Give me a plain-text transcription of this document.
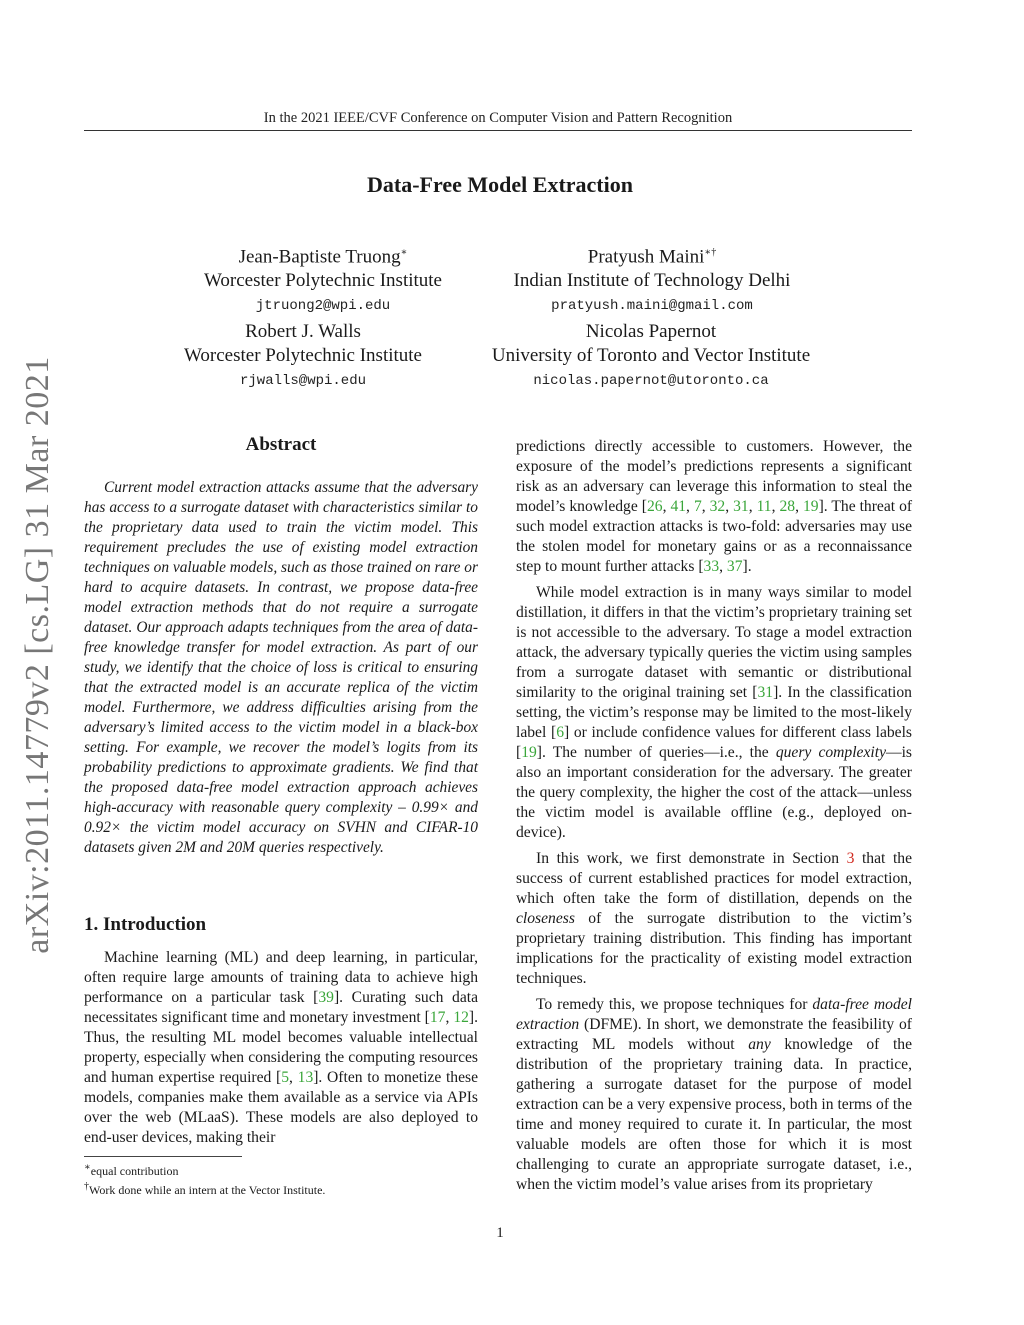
In the 2021 IEEE/CVF Conference on Computer Vision and Pattern Recognition
Data-Free Model Extraction
Jean-Baptiste Truong∗
Worcester Polytechnic Institute
jtruong2@wpi.edu
Pratyush Maini∗†
Indian Institute of Technology Delhi
pratyush.maini@gmail.com
Robert J. Walls
Worcester Polytechnic Institute
rjwalls@wpi.edu
Nicolas Papernot
University of Toronto and Vector Institute
nicolas.papernot@utoronto.ca
arXiv:2011.14779v2 [cs.LG] 31 Mar 2021	Abstract
Current model extraction attacks assume that the adversary has access to a surrogate dataset with characteristics similar to the proprietary data used to train the victim model. This requirement precludes the use of existing model extraction techniques on valuable models, such as those trained on rare or hard to acquire datasets. In contrast, we propose data-free model extraction methods that do not require a surrogate dataset. Our approach adapts techniques from the area of data-free knowledge transfer for model extraction. As part of our study, we identify that the choice of loss is critical to ensuring that the extracted model is an accurate replica of the victim model. Furthermore, we address difficulties arising from the adversary’s limited access to the victim model in a black-box setting. For example, we recover the model’s logits from its probability predictions to approximate gradients. We find that the proposed data-free model extraction approach achieves high-accuracy with reasonable query complexity – 0.99× and 0.92× the victim model accuracy on SVHN and CIFAR-10 datasets given 2M and 20M queries respectively.
1. Introduction

Machine learning (ML) and deep learning, in particular, often require large amounts of training data to achieve high performance on a particular task [39]. Curating such data necessitates significant time and monetary investment [17, 12]. Thus, the resulting ML model becomes valuable intellectual property, especially when considering the computing resources and human expertise required [5, 13]. Often to monetize these models, companies make them available as a service via APIs over the web (MLaaS). These models are also deployed to end-user devices, making their

predictions directly accessible to customers. However, the exposure of the model’s predictions represents a significant risk as an adversary can leverage this information to steal the model’s knowledge [26, 41, 7, 32, 31, 11, 28, 19]. The threat of such model extraction attacks is two-fold: adversaries may use the stolen model for monetary gains or as a reconnaissance step to mount further attacks [33, 37].

While model extraction is in many ways similar to model distillation, it differs in that the victim’s proprietary training set is not accessible to the adversary. To stage a model extraction attack, the adversary typically queries the victim using samples from a surrogate dataset with semantic or distributional similarity to the original training set [31]. In the classification setting, the victim’s response may be limited to the most-likely label [6] or include confidence values for different class labels [19]. The number of queries—i.e., the query complexity—is also an important consideration for the adversary. The greater the query complexity, the higher the cost of the attack—unless the victim model is available offline (e.g., deployed on-device).

In this work, we first demonstrate in Section 3 that the success of current established practices for model extraction, which often take the form of distillation, depends on the closeness of the surrogate distribution to the victim’s proprietary training distribution. This finding has important implications for the practicality of existing model extraction techniques.

To remedy this, we propose techniques for data-free model extraction (DFME). In short, we demonstrate the feasibility of extracting ML models without any knowledge of the distribution of the proprietary training data. In practice, gathering a surrogate dataset for the purpose of model extraction can be a very expensive process, both in terms of the time and money required to curate it. In particular, the most valuable models are often those for which it is most challenging to curate an appropriate surrogate dataset, i.e., when the victim model’s value arises from its proprietary

∗equal contribution
†Work done while an intern at the Vector Institute.
1
